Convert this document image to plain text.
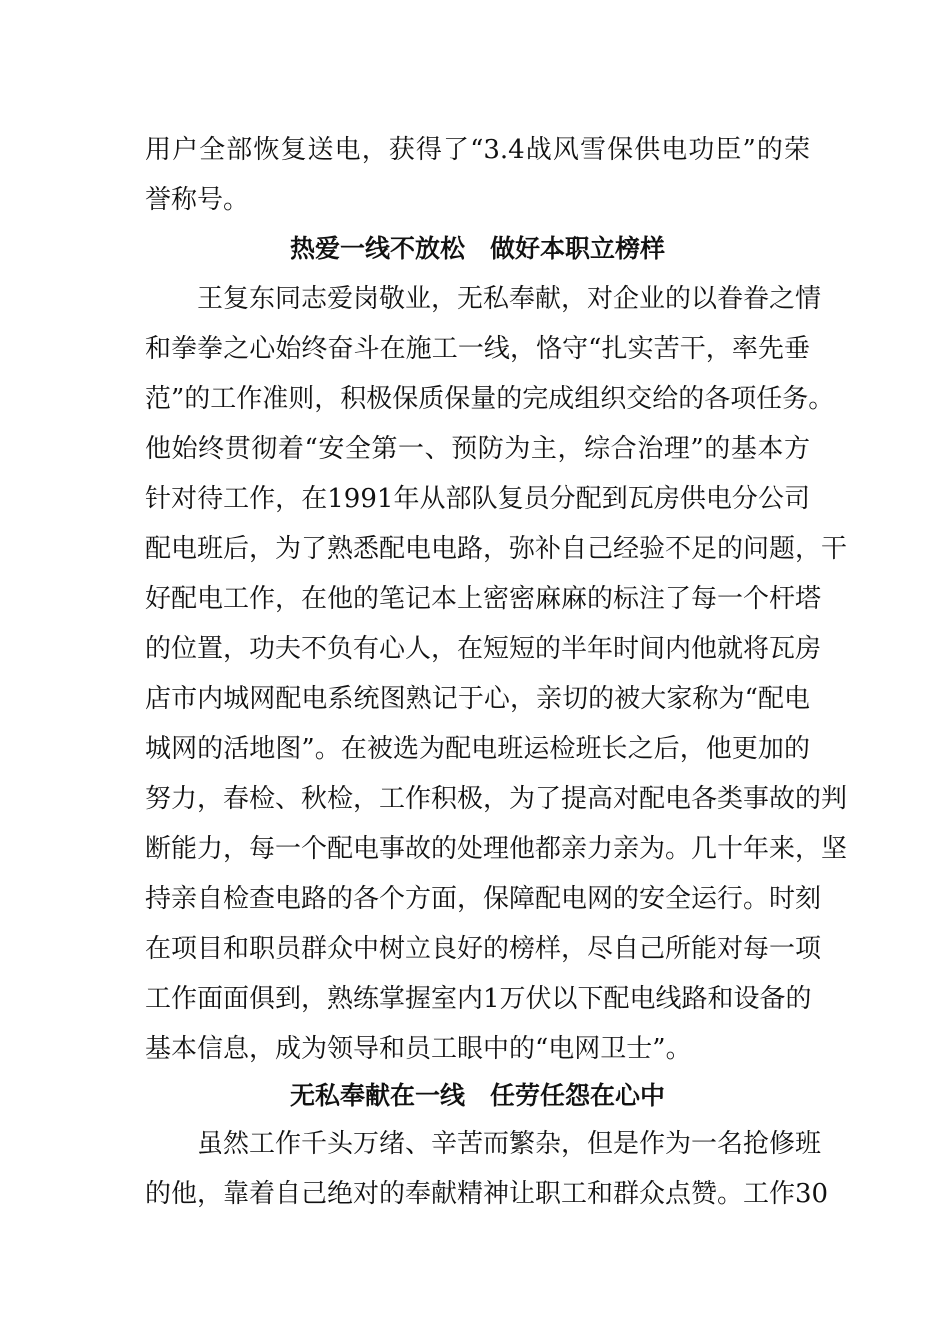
用户全部恢复送电，获得了“3.4战风雪保供电功臣”的荣
誉称号。
热爱一线不放松　做好本职立榜样
王复东同志爱岗敬业，无私奉献，对企业的以眷眷之情
和拳拳之心始终奋斗在施工一线，恪守“扎实苦干，率先垂
范”的工作准则，积极保质保量的完成组织交给的各项任务。
他始终贯彻着“安全第一、预防为主，综合治理”的基本方
针对待工作，在1991年从部队复员分配到瓦房供电分公司
配电班后，为了熟悉配电电路，弥补自己经验不足的问题，干
好配电工作，在他的笔记本上密密麻麻的标注了每一个杆塔
的位置，功夫不负有心人，在短短的半年时间内他就将瓦房
店市内城网配电系统图熟记于心，亲切的被大家称为“配电
城网的活地图”。在被选为配电班运检班长之后，他更加的
努力，春检、秋检，工作积极，为了提高对配电各类事故的判
断能力，每一个配电事故的处理他都亲力亲为。几十年来，坚
持亲自检查电路的各个方面，保障配电网的安全运行。时刻
在项目和职员群众中树立良好的榜样，尽自己所能对每一项
工作面面俱到，熟练掌握室内1万伏以下配电线路和设备的
基本信息，成为领导和员工眼中的“电网卫士”。
无私奉献在一线　任劳任怨在心中
虽然工作千头万绪、辛苦而繁杂，但是作为一名抢修班
的他，靠着自己绝对的奉献精神让职工和群众点赞。工作30
